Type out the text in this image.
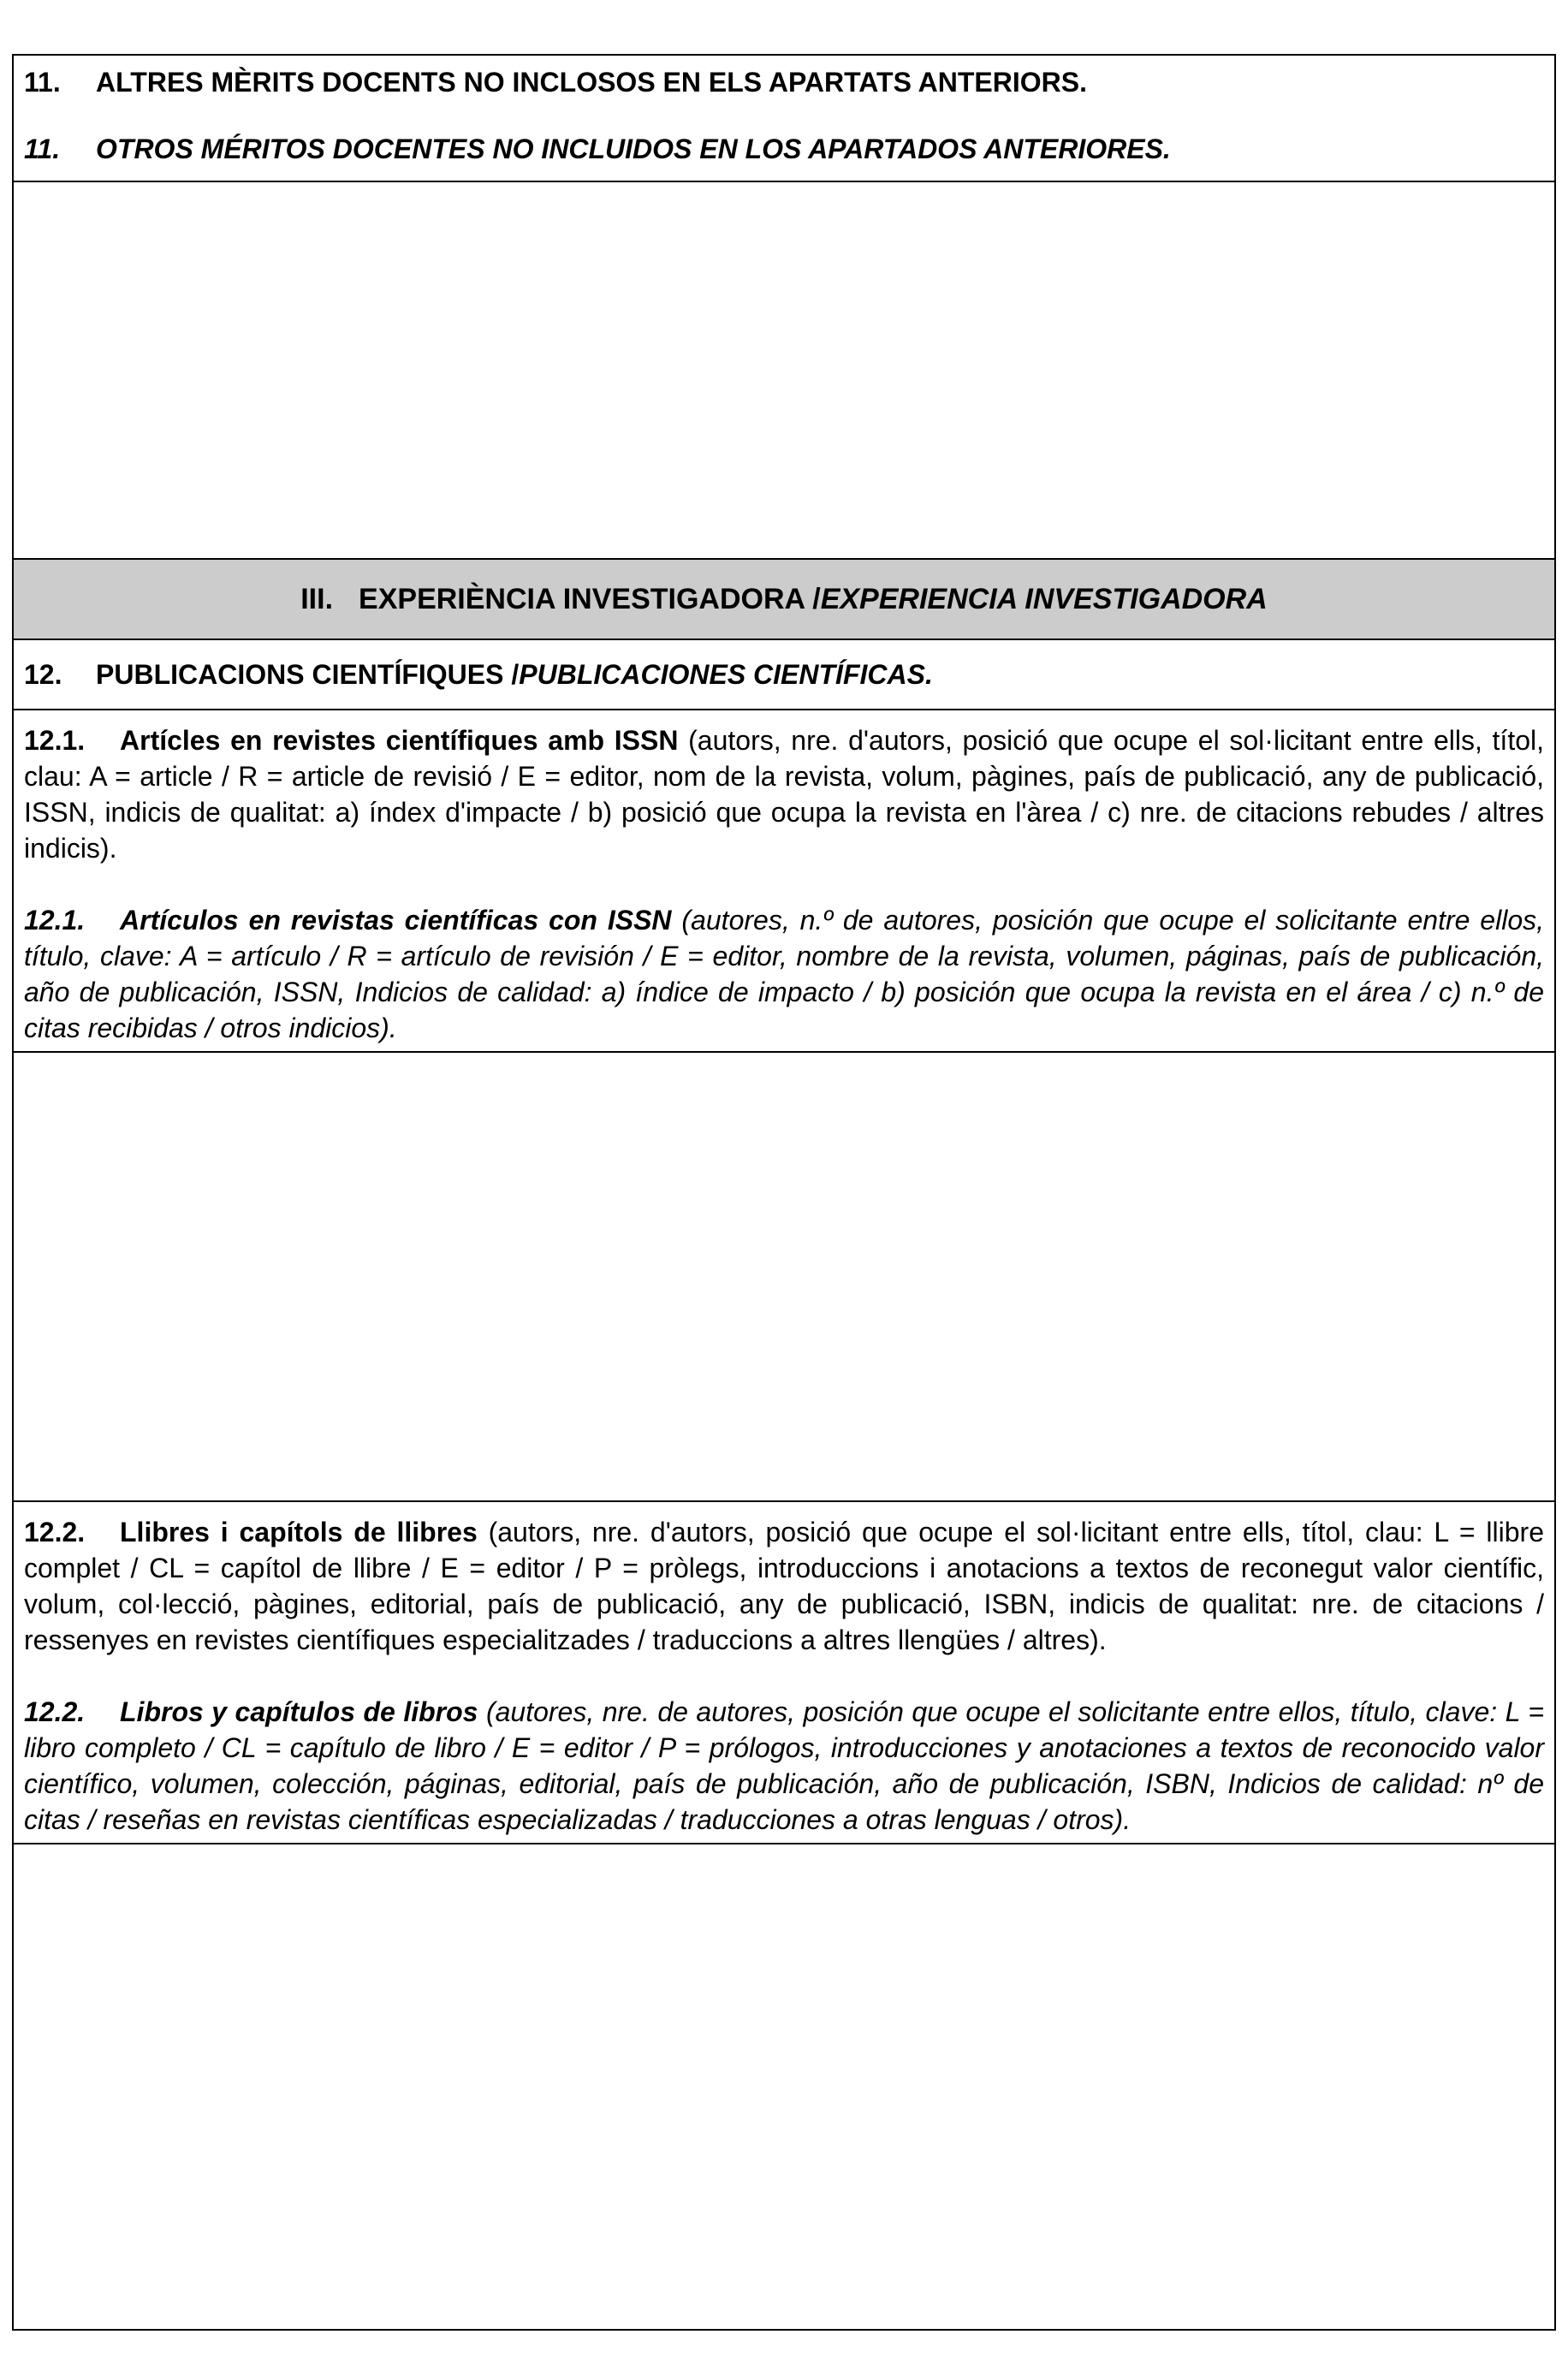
11. ALTRES MÈRITS DOCENTS NO INCLOSOS EN ELS APARTATS ANTERIORS.
11. OTROS MÉRITOS DOCENTES NO INCLUIDOS EN LOS APARTADOS ANTERIORES.
III. EXPERIÈNCIA INVESTIGADORA / EXPERIENCIA INVESTIGADORA
12.	PUBLICACIONS CIENTÍFIQUES / PUBLICACIONES CIENTÍFICAS.

12.1. Artícles en revistes científiques amb ISSN (autors, nre. d'autors, posició que ocupe el sol·licitant entre ells, títol, clau: A = article / R = article de revisió / E = editor, nom de la revista, volum, pàgines, país de publicació, any de publicació, ISSN, indicis de qualitat: a) índex d'impacte / b) posició que ocupa la revista en l'àrea / c) nre. de citacions rebudes / altres indicis).

12.1. Artículos en revistas científicas con ISSN (autores, n.º de autores, posición que ocupe el solicitante entre ellos, título, clave: A = artículo / R = artículo de revisión / E = editor, nombre de la revista, volumen, páginas, país de publicación, año de publicación, ISSN, Indicios de calidad: a) índice de impacto / b) posición que ocupa la revista en el área / c) n.º de citas recibidas / otros indicios).

12.2. Llibres i capítols de llibres (autors, nre. d'autors, posició que ocupe el sol·licitant entre ells, títol, clau: L = llibre complet / CL = capítol de llibre / E = editor / P = pròlegs, introduccions i anotacions a textos de reconegut valor científic, volum, col·lecció, pàgines, editorial, país de publicació, any de publicació, ISBN, indicis de qualitat: nre. de citacions / ressenyes en revistes científiques especialitzades / traduccions a altres llengües / altres).

12.2. Libros y capítulos de libros (autores, nre. de autores, posición que ocupe el solicitante entre ellos, título, clave: L = libro completo / CL = capítulo de libro / E = editor / P = prólogos, introducciones y anotaciones a textos de reconocido valor científico, volumen, colección, páginas, editorial, país de publicación, año de publicación, ISBN, Indicios de calidad: nº de citas / reseñas en revistas científicas especializadas / traducciones a otras lenguas / otros).
